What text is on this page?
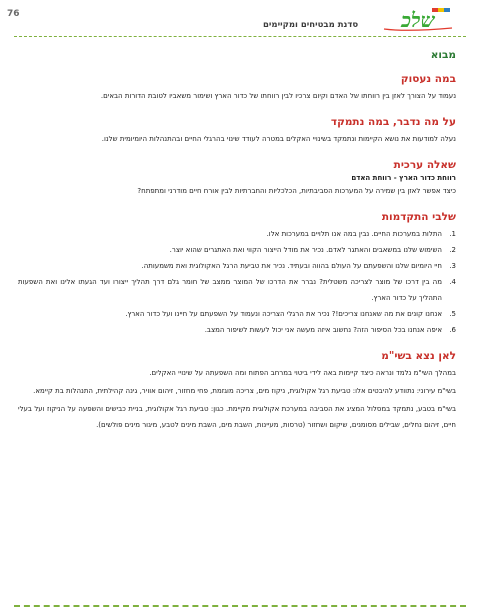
76
סדנת מבטיחים ומקיימים שלכ
מבוא
במה נעסוק

נעמוד על הצורך לאזן בין רווחתו של האדם וקיום צרכיו לבין רווחתו של כדור הארץ ושימור משאביו לטובת הדורות הבאים.

על מה נדבר, במה נתמקד

נעלה למודעות את נושא הקיימות ונתמקד בשינויי האקלים במטרה לעודד שינוי בהרגלי החיים ובהתנהלות היומיומית שלנו.

שאלה ערכית
רווחת כדור הארץ - רווחת האדם

כיצד אפשר לאזן בין שמירה על המערכות הסביבתיות, הכלכליות והחברתיות לבין אורח חיים מודרני ומתפתח?

שלבי התקדמות
1.
התלות במערכות החיים. נבין במה אנו תלויים במערכות אלו.
2.
השימוש שלנו במשאבים והאתגר לאדם. נכיר את מודל הייצור הקווי ואת האתגרים שהוא יוצר.
3.
חיי היומיום שלנו והשפעתם על העולם בהווה ובעתיד. נכיר את טביעת הרגל האקולוגית ואת משמעותה.
4.
מה בין דרכו של מוצר לצריכה משטלית? נברר את הדרכו של המוצר ממצב של חומר גלם דרך תהליך ייצורו ועד הגעתו אלינו ואת השפעות התהליך על כדור הארץ.
5.
אנחנו קונים את מה שאנחנו צריכים!? נכיר את הרגלי הצריכה ונעמוד על השפעתם על חיינו ועל כדור הארץ.
6.
איפה אנחנו בכל הסיפור הזה? נחשוב איזה מעשה אני יכול לעשות לשיפור המצב.
לאן נצא בשי"מ

במהלך השי"מ נלמד ונראה כיצד קיימות באה לידי ביטוי במרחב הפתוח ומה השפעתה על שינויי האקלים.

בשי"מ עירוני: נתוודע להיבטים אלו: טביעת רגל אקולוגית, ניקוז מים, צריכה מוגזמת, פחי מחזור, זיהום אוויר, גינה קהילתית, התנהלות בת קיימא.

בשי"מ בטבע, נתמקד במסלול המציג את הסביבה במערכת אקולוגית מקיימת. כגון: טביעת רגל אקולוגית, בניית כבישים והשפעה על הניקוז ועל בעלי חיים, זיהום נחלים, שבילים מסומנים, שיקום ושחזור (טרסות, מעיינות, השבת מים, השבת מינים לטבע, מיגור מינים פולשים).
